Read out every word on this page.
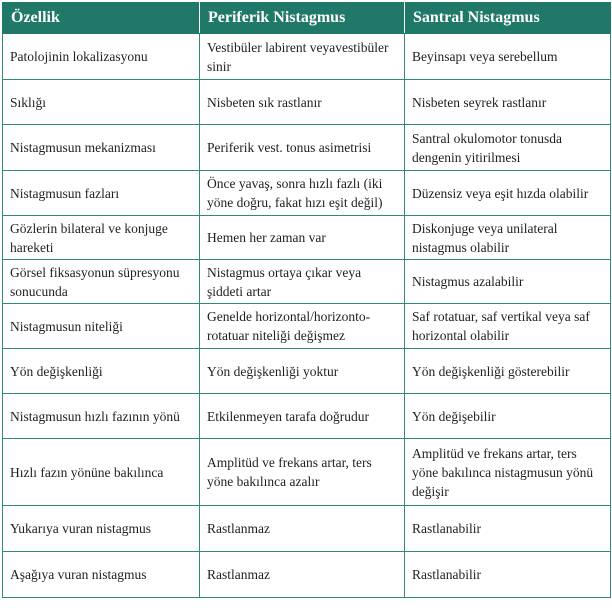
Özellik	Periferik Nistagmus	Santral Nistagmus
Patolojinin lokalizasyonu	Vestibüler labirent veyavestibüler sinir	Beyinsapı veya serebellum
Sıklığı	Nisbeten sık rastlanır	Nisbeten seyrek rastlanır
Nistagmusun mekanizması	Periferik vest. tonus asimetrisi	Santral okulomotor tonusda dengenin yitirilmesi
Nistagmusun fazları	Önce yavaş, sonra hızlı fazlı (iki yöne doğru, fakat hızı eşit değil)	Düzensiz veya eşit hızda olabilir
Gözlerin bilateral ve konjuge hareketi	Hemen her zaman var	Diskonjuge veya unilateral nistagmus olabilir
Görsel fiksasyonun süpresyonu sonucunda	Nistagmus ortaya çıkar veya şiddeti artar	Nistagmus azalabilir
Nistagmusun niteliği	Genelde horizontal/horizonto-rotatuar niteliği değişmez	Saf rotatuar, saf vertikal veya saf horizontal olabilir
Yön değişkenliği	Yön değişkenliği yoktur	Yön değişkenliği gösterebilir
Nistagmusun hızlı fazının yönü	Etkilenmeyen tarafa doğrudur	Yön değişebilir
Hızlı fazın yönüne bakılınca	Amplitüd ve frekans artar, ters yöne bakılınca azalır	Amplitüd ve frekans artar, ters yöne bakılınca nistagmusun yönü değişir
Yukarıya vuran nistagmus	Rastlanmaz	Rastlanabilir
Aşağıya vuran nistagmus	Rastlanmaz	Rastlanabilir
